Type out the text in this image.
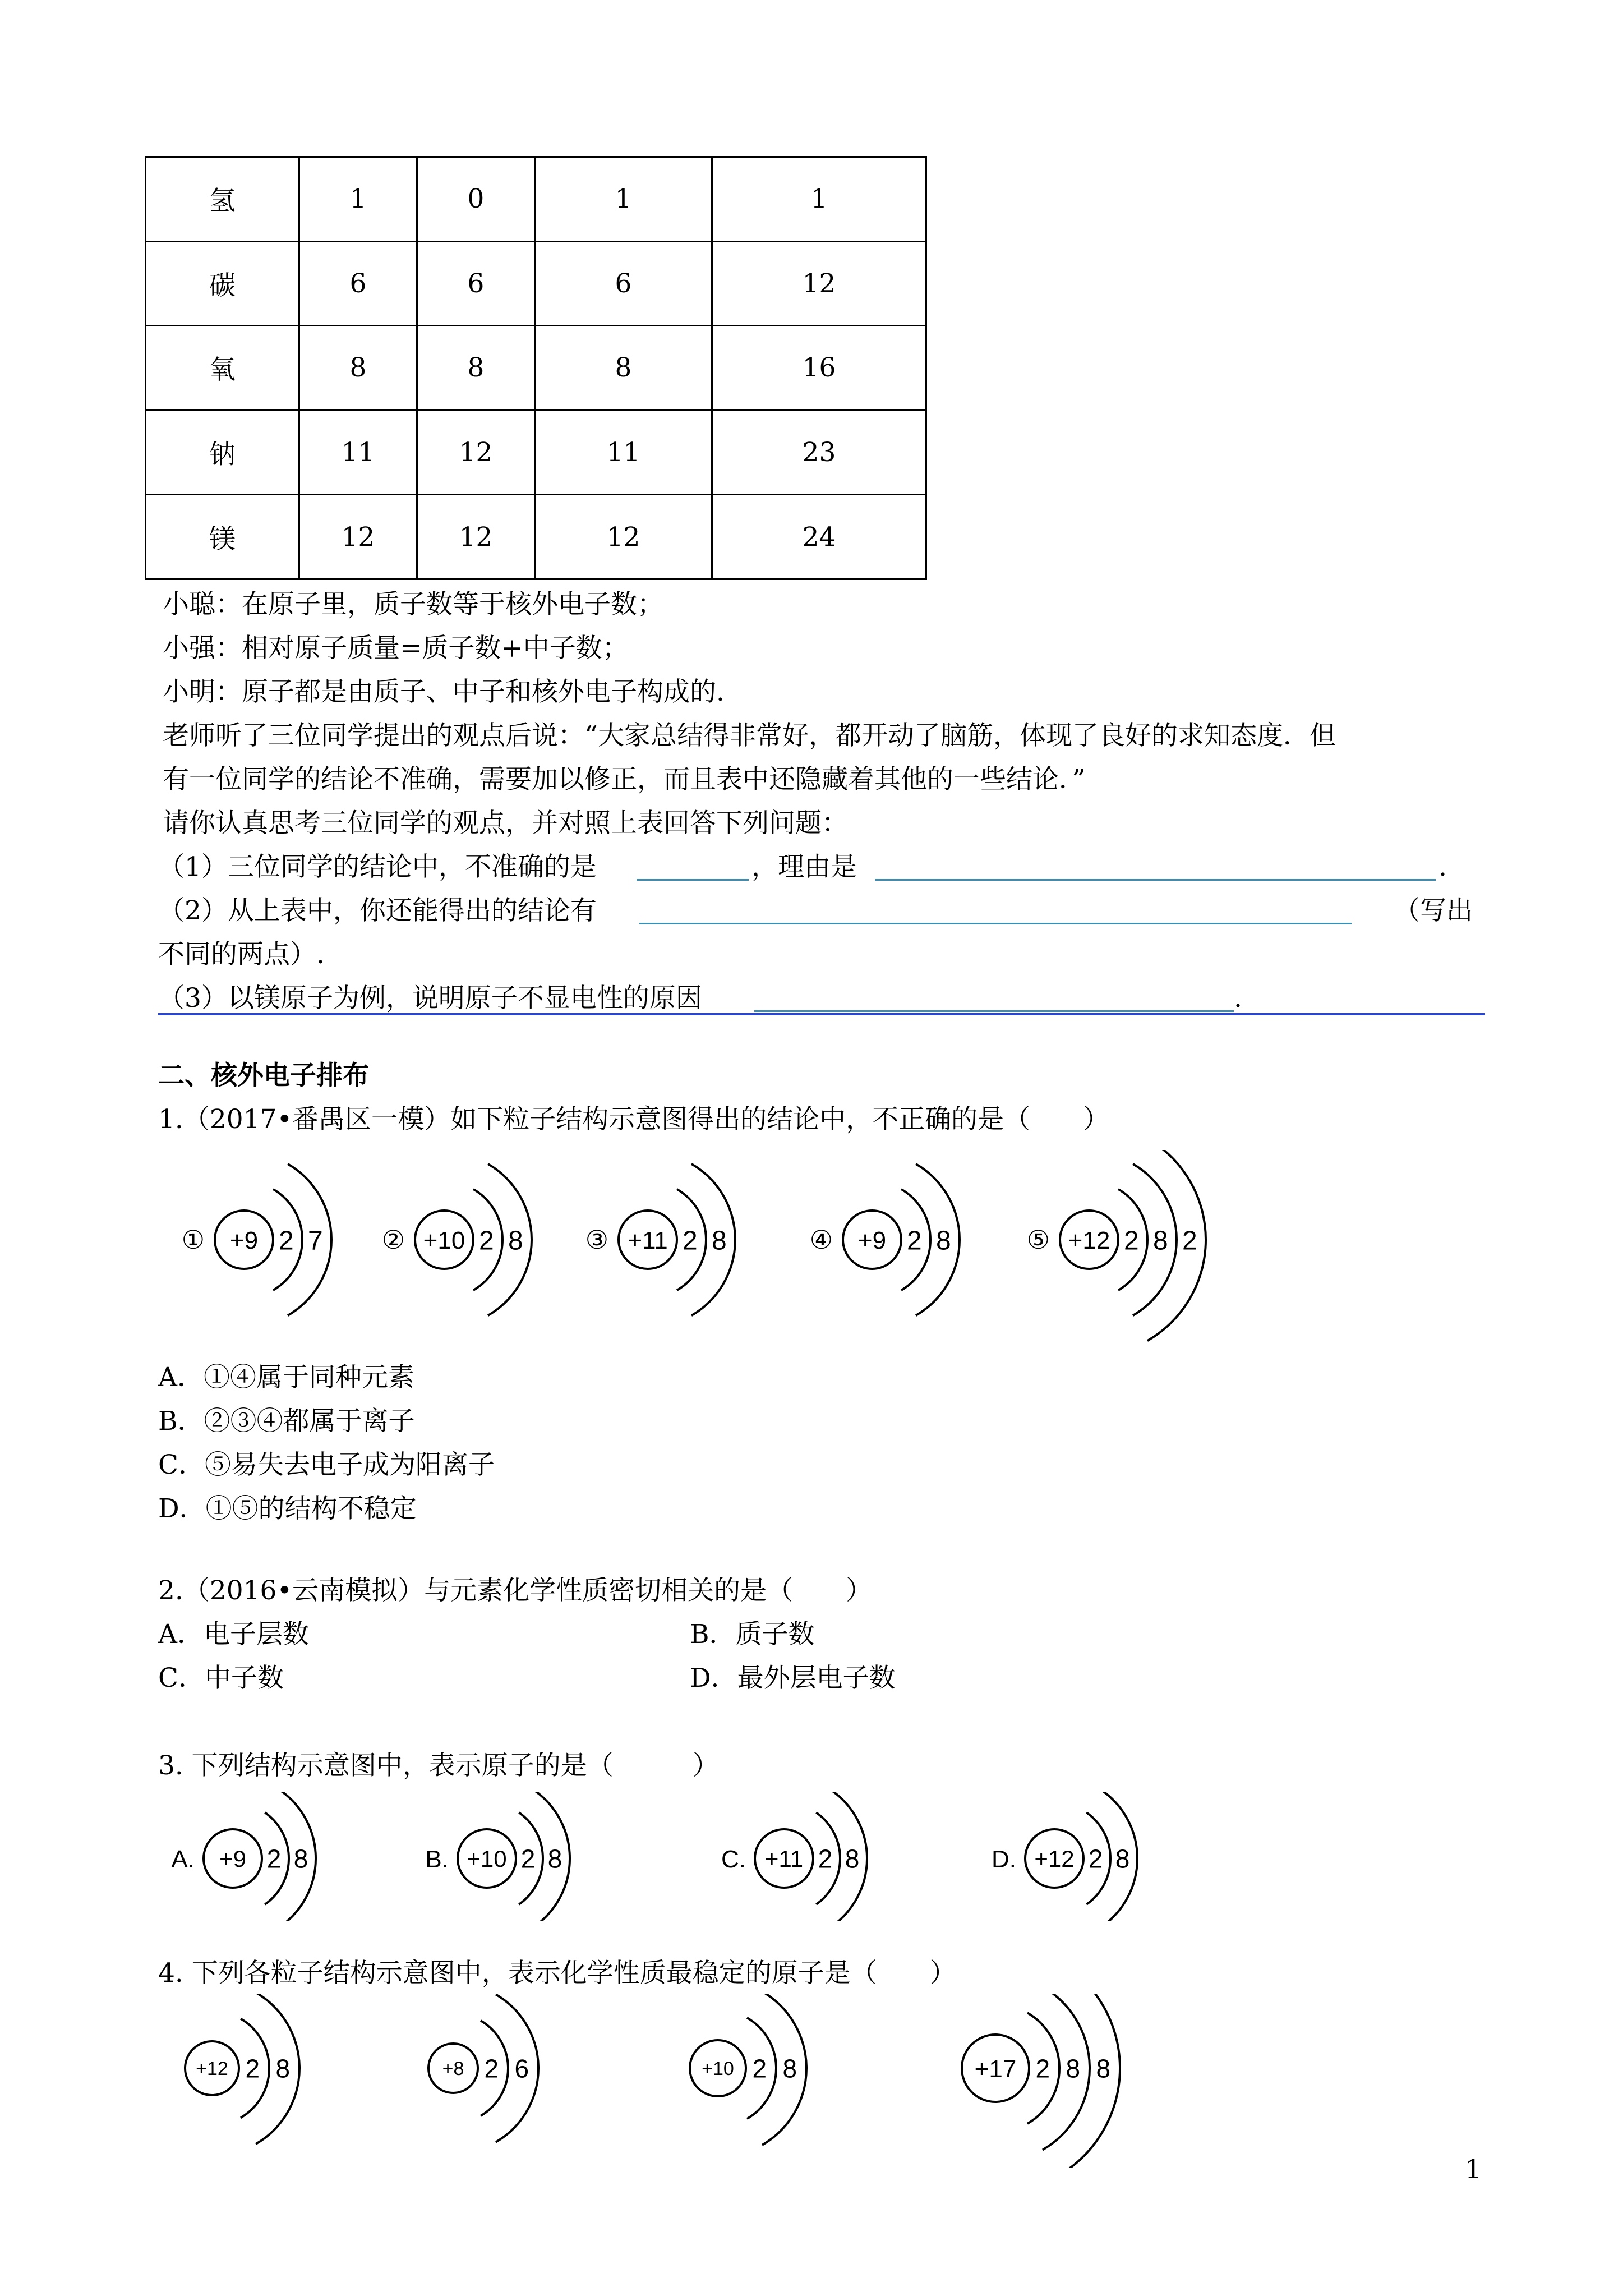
氢	1	0	1	1
碳	6	6	6	12
氧	8	8	8	16
钠	11	12	11	23
镁	12	12	12	24
小聪：在原子里，质子数等于核外电子数；
小强：相对原子质量=质子数+中子数；
小明：原子都是由质子、中子和核外电子构成的.
老师听了三位同学提出的观点后说：“大家总结得非常好，都开动了脑筋，体现了良好的求知态度．但
有一位同学的结论不准确，需要加以修正，而且表中还隐藏着其他的一些结论．”
请你认真思考三位同学的观点，并对照上表回答下列问题：
（1）三位同学的结论中，不准确的是	，理由是	.
（2）从上表中，你还能得出的结论有	（写出
不同的两点）.
（3）以镁原子为例，说明原子不显电性的原因	.
二、核外电子排布
1.（2017•番禺区一模）如下粒子结构示意图得出的结论中，不正确的是（　　）
① +9 2 7 ② +10 2 8 ③ +11 2 8	④ +9 2 8	⑤ +12 2 8 2
A．①④属于同种元素
B．②③④都属于离子
C．⑤易失去电子成为阳离子
D．①⑤的结构不稳定
2.（2016•云南模拟）与元素化学性质密切相关的是（　　）
A．电子层数	B．质子数
C．中子数	D．最外层电子数
3. 下列结构示意图中，表示原子的是（　　　）
A. +9 2 8	B. +10 2 8	C. +11 2 8	D. +12 2 8
4. 下列各粒子结构示意图中，表示化学性质最稳定的原子是（　　）
+12 2 8	+8 2 6	+10 2 8	+17 2 8 8
1
